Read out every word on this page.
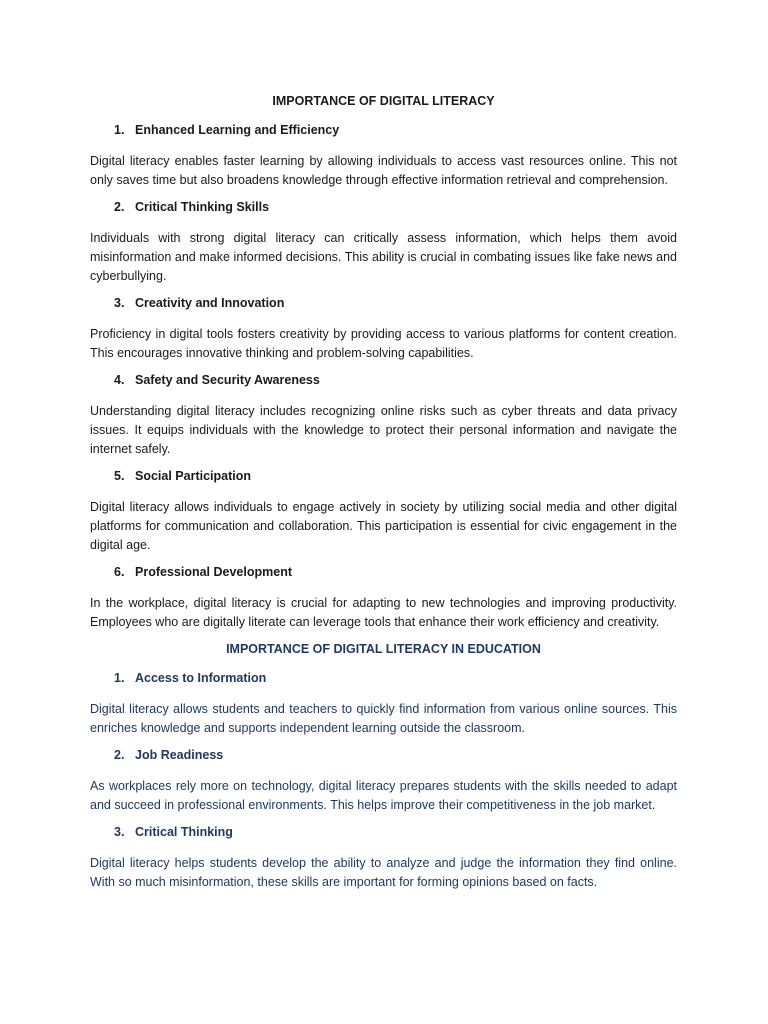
IMPORTANCE OF DIGITAL LITERACY
1. Enhanced Learning and Efficiency

Digital literacy enables faster learning by allowing individuals to access vast resources online. This not only saves time but also broadens knowledge through effective information retrieval and comprehension.

2. Critical Thinking Skills

Individuals with strong digital literacy can critically assess information, which helps them avoid misinformation and make informed decisions. This ability is crucial in combating issues like fake news and cyberbullying.

3. Creativity and Innovation

Proficiency in digital tools fosters creativity by providing access to various platforms for content creation. This encourages innovative thinking and problem-solving capabilities.

4. Safety and Security Awareness

Understanding digital literacy includes recognizing online risks such as cyber threats and data privacy issues. It equips individuals with the knowledge to protect their personal information and navigate the internet safely.

5. Social Participation

Digital literacy allows individuals to engage actively in society by utilizing social media and other digital platforms for communication and collaboration. This participation is essential for civic engagement in the digital age.

6. Professional Development

In the workplace, digital literacy is crucial for adapting to new technologies and improving productivity. Employees who are digitally literate can leverage tools that enhance their work efficiency and creativity.

IMPORTANCE OF DIGITAL LITERACY IN EDUCATION
1. Access to Information

Digital literacy allows students and teachers to quickly find information from various online sources. This enriches knowledge and supports independent learning outside the classroom.

2. Job Readiness

As workplaces rely more on technology, digital literacy prepares students with the skills needed to adapt and succeed in professional environments. This helps improve their competitiveness in the job market.

3. Critical Thinking

Digital literacy helps students develop the ability to analyze and judge the information they find online. With so much misinformation, these skills are important for forming opinions based on facts.
